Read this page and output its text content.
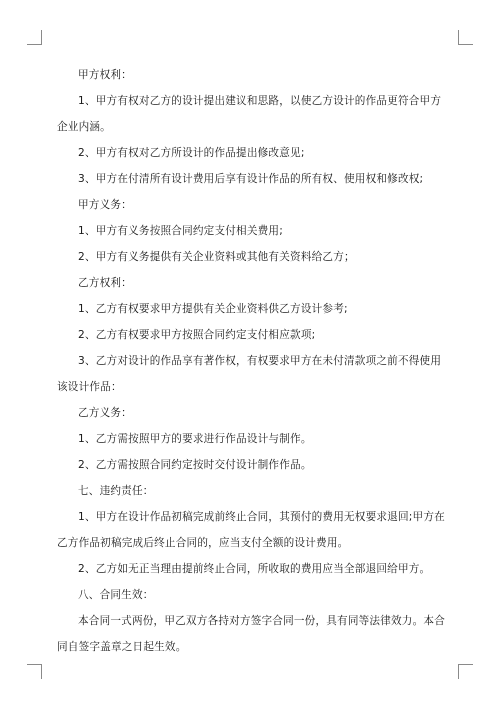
甲方权利：

1、甲方有权对乙方的设计提出建议和思路，以使乙方设计的作品更符合甲方企业内涵。

2、甲方有权对乙方所设计的作品提出修改意见;

3、甲方在付清所有设计费用后享有设计作品的所有权、使用权和修改权;

甲方义务：

1、甲方有义务按照合同约定支付相关费用;

2、甲方有义务提供有关企业资料或其他有关资料给乙方；

乙方权利：

1、乙方有权要求甲方提供有关企业资料供乙方设计参考;

2、乙方有权要求甲方按照合同约定支付相应款项;

3、乙方对设计的作品享有著作权，有权要求甲方在未付清款项之前不得使用该设计作品：

乙方义务：

1、乙方需按照甲方的要求进行作品设计与制作。

2、乙方需按照合同约定按时交付设计制作作品。

七、违约责任：

1、甲方在设计作品初稿完成前终止合同，其预付的费用无权要求退回;甲方在乙方作品初稿完成后终止合同的，应当支付全额的设计费用。

2、乙方如无正当理由提前终止合同，所收取的费用应当全部退回给甲方。

八、合同生效：

本合同一式两份，甲乙双方各持对方签字合同一份，具有同等法律效力。本合同自签字盖章之日起生效。
